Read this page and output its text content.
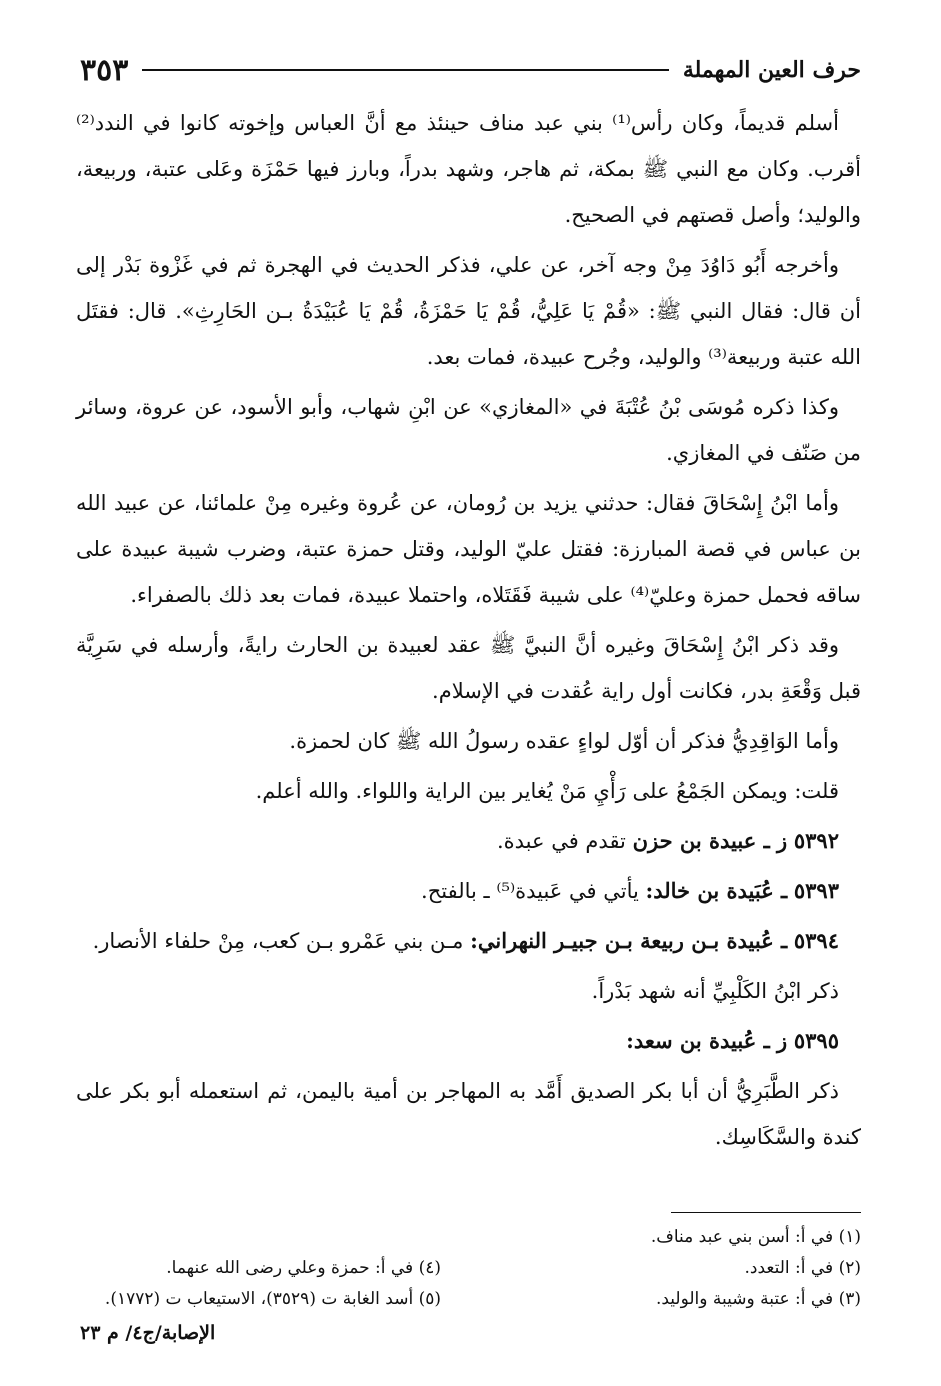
حرف العين المهملة
٣٥٣

أسلم قديماً، وكان رأس⁽¹⁾ بني عبد مناف حينئذ مع أنَّ العباس وإخوته كانوا في الندد⁽²⁾ أقرب. وكان مع النبي ﷺ بمكة، ثم هاجر، وشهد بدراً، وبارز فيها حَمْزَة وعَلى عتبة، وربيعة، والوليد؛ وأصل قصتهم في الصحيح.

وأخرجه أَبُو دَاوُدَ مِنْ وجه آخر، عن علي، فذكر الحديث في الهجرة ثم في غَزْوة بَدْر إلى أن قال: فقال النبي ﷺ: «قُمْ يَا عَلِيُّ، قُمْ يَا حَمْزَةُ، قُمْ يَا عُبَيْدَةُ بـن الحَارِثِ». قال: فقتَل الله عتبة وربيعة⁽³⁾ والوليد، وجُرح عبيدة، فمات بعد.

وكذا ذكره مُوسَى بْنُ عُتْبَةَ في «المغازي» عن ابْنِ شهاب، وأبو الأسود، عن عروة، وسائر من صَنّف في المغازي.

وأما ابْنُ إِسْحَاقَ فقال: حدثني يزيد بن رُومان، عن عُروة وغيره مِنْ علمائنا، عن عبيد الله بن عباس في قصة المبارزة: فقتل عليّ الوليد، وقتل حمزة عتبة، وضرب شيبة عبيدة على ساقه فحمل حمزة وعليّ⁽⁴⁾ على شيبة فَقَتَلاه، واحتملا عبيدة، فمات بعد ذلك بالصفراء.

وقد ذكر ابْنُ إِسْحَاقَ وغيره أنَّ النبيَّ ﷺ عقد لعبيدة بن الحارث رايةً، وأرسله في سَرِيَّة قبل وَقْعَةِ بدر، فكانت أول راية عُقدت في الإسلام.

وأما الوَاقِدِيُّ فذكر أن أوّل لواءٍ عقده رسولُ الله ﷺ كان لحمزة.

قلت: ويمكن الجَمْعُ على رَأْيِ مَنْ يُغاير بين الراية واللواء. والله أعلم.

٥٣٩٢ ز ـ عبيدة بن حزن تقدم في عبدة.

٥٣٩٣ ـ عُبَيدة بن خالد: يأتي في عَبيدة⁽⁵⁾ ـ بالفتح.

٥٣٩٤ ـ عُبيدة بـن ربيعة بـن جبيـر النهراني: مـن بني عَمْرو بـن كعب، مِنْ حلفاء الأنصار.

ذكر ابْنُ الكَلْبِيِّ أنه شهد بَدْراً.

٥٣٩٥ ز ـ عُبيدة بن سعد:

ذكر الطَّبَرِيُّ أن أبا بكر الصديق أَمَّد به المهاجر بن أمية باليمن، ثم استعمله أبو بكر على كندة والسَّكَاسِك.

(١) في أ: أسن بني عبد مناف.
(٢) في أ: التعدد.
(٣) في أ: عتبة وشيبة والوليد.
(٤) في أ: حمزة وعلي رضى الله عنهما.
(٥) أسد الغابة ت (٣٥٢٩)، الاستيعاب ت (١٧٧٢).
الإصابة/ج٤/ م ٢٣
